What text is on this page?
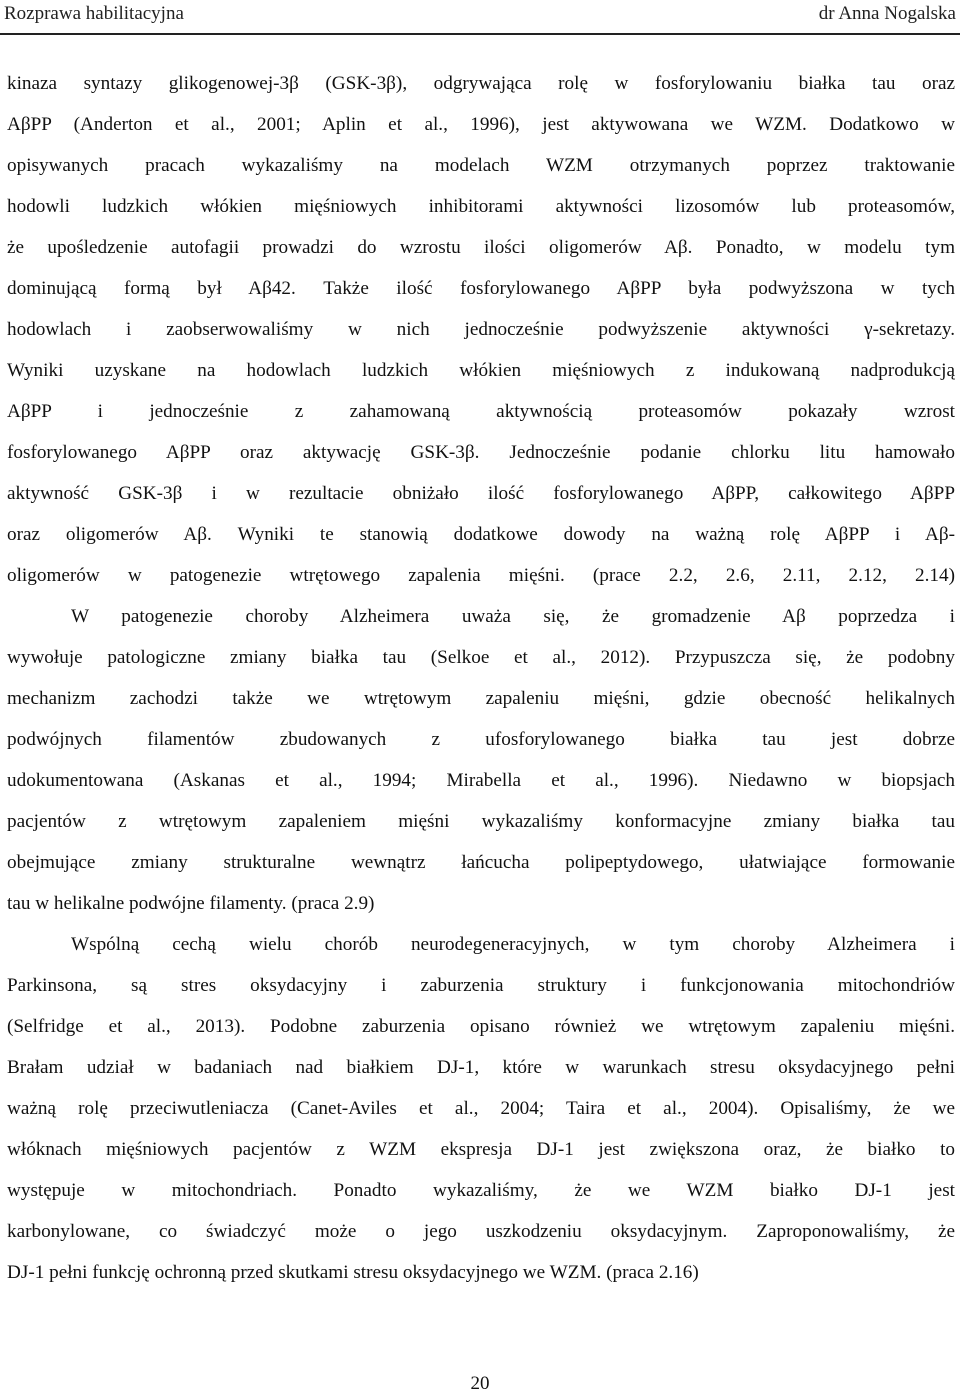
Rozprawa habilitacyjna	dr Anna Nogalska
kinaza syntazy glikogenowej-3β (GSK-3β), odgrywająca rolę w fosforylowaniu białka tau oraz
AβPP (Anderton et al., 2001; Aplin et al., 1996), jest aktywowana we WZM. Dodatkowo w
opisywanych pracach wykazaliśmy na modelach WZM otrzymanych poprzez traktowanie
hodowli ludzkich włókien mięśniowych inhibitorami aktywności lizosomów lub proteasomów,
że upośledzenie autofagii prowadzi do wzrostu ilości oligomerów Aβ. Ponadto, w modelu tym
dominującą formą był Aβ42. Także ilość fosforylowanego AβPP była podwyższona w tych
hodowlach i zaobserwowaliśmy w nich jednocześnie podwyższenie aktywności γ-sekretazy.
Wyniki uzyskane na hodowlach ludzkich włókien mięśniowych z indukowaną nadprodukcją
AβPP i jednocześnie z zahamowaną aktywnością proteasomów pokazały wzrost
fosforylowanego AβPP oraz aktywację GSK-3β. Jednocześnie podanie chlorku litu hamowało
aktywność GSK-3β i w rezultacie obniżało ilość fosforylowanego AβPP, całkowitego AβPP
oraz oligomerów Aβ. Wyniki te stanowią dodatkowe dowody na ważną rolę AβPP i Aβ-
oligomerów w patogenezie wtrętowego zapalenia mięśni. (prace 2.2, 2.6, 2.11, 2.12, 2.14)
W patogenezie choroby Alzheimera uważa się, że gromadzenie Aβ poprzedza i
wywołuje patologiczne zmiany białka tau (Selkoe et al., 2012). Przypuszcza się, że podobny
mechanizm zachodzi także we wtrętowym zapaleniu mięśni, gdzie obecność helikalnych
podwójnych filamentów zbudowanych z ufosforylowanego białka tau jest dobrze
udokumentowana (Askanas et al., 1994; Mirabella et al., 1996). Niedawno w biopsjach
pacjentów z wtrętowym zapaleniem mięśni wykazaliśmy konformacyjne zmiany białka tau
obejmujące zmiany strukturalne wewnątrz łańcucha polipeptydowego, ułatwiające formowanie
tau w helikalne podwójne filamenty. (praca 2.9)
Wspólną cechą wielu chorób neurodegeneracyjnych, w tym choroby Alzheimera i
Parkinsona, są stres oksydacyjny i zaburzenia struktury i funkcjonowania mitochondriów
(Selfridge et al., 2013). Podobne zaburzenia opisano również we wtrętowym zapaleniu mięśni.
Brałam udział w badaniach nad białkiem DJ-1, które w warunkach stresu oksydacyjnego pełni
ważną rolę przeciwutleniacza (Canet-Aviles et al., 2004; Taira et al., 2004). Opisaliśmy, że we
włóknach mięśniowych pacjentów z WZM ekspresja DJ-1 jest zwiększona oraz, że białko to
występuje w mitochondriach. Ponadto wykazaliśmy, że we WZM białko DJ-1 jest
karbonylowane, co świadczyć może o jego uszkodzeniu oksydacyjnym. Zaproponowaliśmy, że
DJ-1 pełni funkcję ochronną przed skutkami stresu oksydacyjnego we WZM. (praca 2.16)
20
